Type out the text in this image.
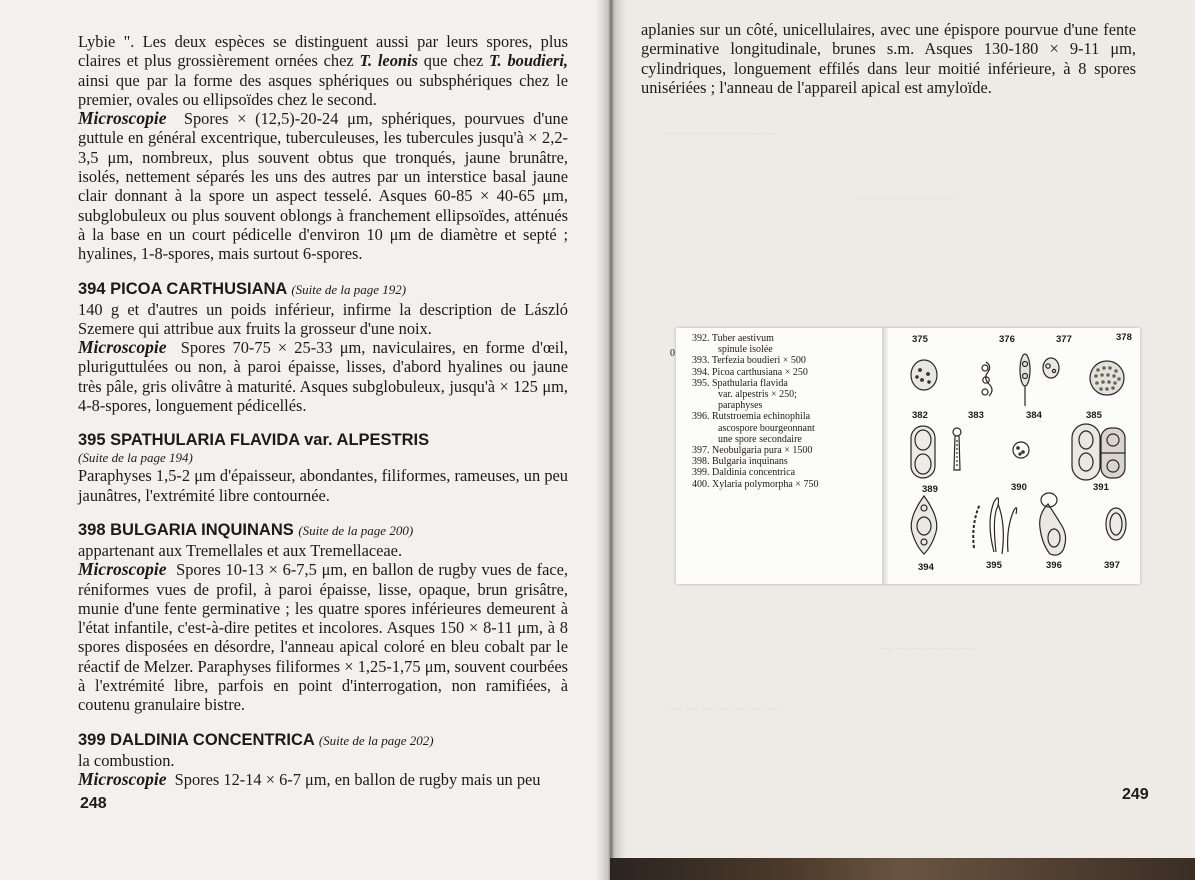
Lybie ". Les deux espèces se distinguent aussi par leurs spores, plus claires et plus grossièrement ornées chez T. leonis que chez T. boudieri, ainsi que par la forme des asques sphériques ou subsphériques chez le premier, ovales ou ellipsoïdes chez le second.

Microscopie Spores × (12,5)-20-24 μm, sphériques, pourvues d'une guttule en général excentrique, tuberculeuses, les tubercules jusqu'à × 2,2-3,5 μm, nombreux, plus souvent obtus que tronqués, jaune brunâtre, isolés, nettement séparés les uns des autres par un interstice basal jaune clair donnant à la spore un aspect tesselé. Asques 60-85 × 40-65 μm, subglobuleux ou plus souvent oblongs à franchement ellipsoïdes, atténués à la base en un court pédicelle d'environ 10 μm de diamètre et septé ; hyalines, 1-8-spores, mais surtout 6-spores.

394 PICOA CARTHUSIANA (Suite de la page 192)

140 g et d'autres un poids inférieur, infirme la description de László Szemere qui attribue aux fruits la grosseur d'une noix.

Microscopie Spores 70-75 × 25-33 μm, naviculaires, en forme d'œil, pluriguttulées ou non, à paroi épaisse, lisses, d'abord hyalines ou jaune très pâle, gris olivâtre à maturité. Asques subglobuleux, jusqu'à × 125 μm, 4-8-spores, longuement pédicellés.

395 SPATHULARIA FLAVIDA var. ALPESTRIS
(Suite de la page 194)

Paraphyses 1,5-2 μm d'épaisseur, abondantes, filiformes, rameuses, un peu jaunâtres, l'extrémité libre contournée.

398 BULGARIA INQUINANS (Suite de la page 200)

appartenant aux Tremellales et aux Tremellaceae.

Microscopie Spores 10-13 × 6-7,5 μm, en ballon de rugby vues de face, réniformes vues de profil, à paroi épaisse, lisse, opaque, brun grisâtre, munie d'une fente germinative ; les quatre spores inférieures demeurent à l'état infantile, c'est-à-dire petites et incolores. Asques 150 × 8-11 μm, à 8 spores disposées en désordre, l'anneau apical coloré en bleu cobalt par le réactif de Melzer. Paraphyses filiformes × 1,25-1,75 μm, souvent courbées à l'extrémité libre, parfois en point d'interrogation, non ramifiées, à coutenu granulaire bistre.

399 DALDINIA CONCENTRICA (Suite de la page 202)

la combustion.

Microscopie Spores 12-14 × 6-7 μm, en ballon de rugby mais un peu

248
— — — — — — —
— — — — — —
— — — — — —
— — — — — — —
aplanies sur un côté, unicellulaires, avec une épispore pourvue d'une fente germinative longitudinale, brunes s.m. Asques 130-180 × 9-11 μm, cylindriques, longuement effilés dans leur moitié inférieure, à 8 spores unisériées ; l'anneau de l'appareil apical est amyloïde.
0
392. Tuber aestivum
spinule isolée
393. Terfezia boudieri × 500
394. Picoa carthusiana × 250
395. Spathularia flavida
var. alpestris × 250;
paraphyses
396. Rutstroemia echinophila
ascospore bourgeonnant
une spore secondaire
397. Neobulgaria pura × 1500
398. Bulgaria inquinans
399. Daldinia concentrica
400. Xylaria polymorpha × 750
375	376	377	378
382	383	384	385
389	390	391
394	395	396	397
249
